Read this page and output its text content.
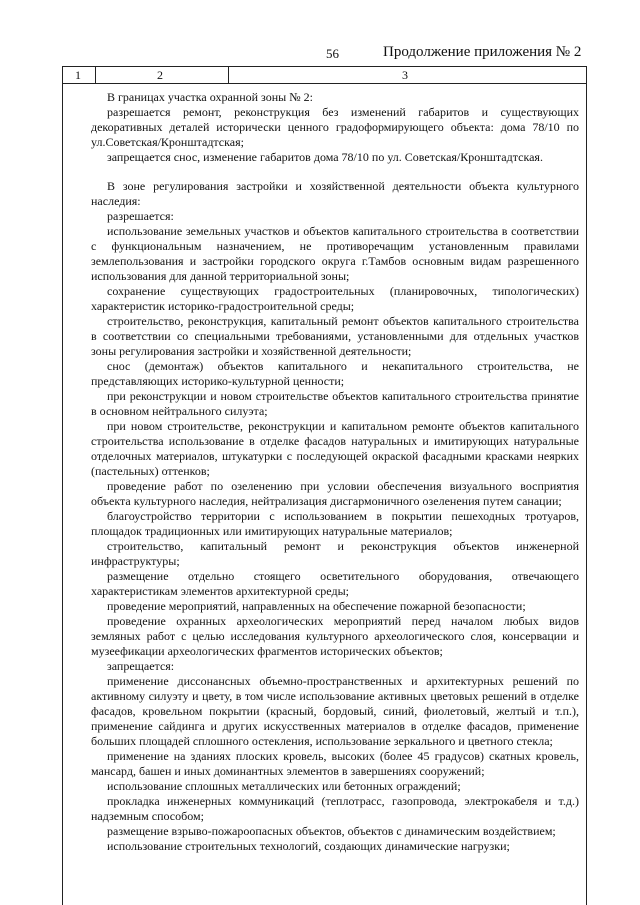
56	Продолжение приложения № 2
1	2	3

В границах участка охранной зоны № 2:

разрешается ремонт, реконструкция без изменений габаритов и существующих декоративных деталей исторически ценного градоформирующего объекта: дома 78/10 по ул.Советская/Кронштадтская;

запрещается снос, изменение габаритов дома 78/10 по ул. Советская/Кронштадтская.

В зоне регулирования застройки и хозяйственной деятельности объекта культурного наследия:

разрешается:

использование земельных участков и объектов капитального строительства в соответствии с функциональным назначением, не противоречащим установленным правилами землепользования и застройки городского округа г.Тамбов основным видам разрешенного использования для данной территориальной зоны;

сохранение существующих градостроительных (планировочных, типологических) характеристик историко-градостроительной среды;

строительство, реконструкция, капитальный ремонт объектов капитального строительства в соответствии со специальными требованиями, установленными для отдельных участков зоны регулирования застройки и хозяйственной деятельности;

снос (демонтаж) объектов капитального и некапитального строительства, не представляющих историко-культурной ценности;

при реконструкции и новом строительстве объектов капитального строительства принятие в основном нейтрального силуэта;

при новом строительстве, реконструкции и капитальном ремонте объектов капитального строительства использование в отделке фасадов натуральных и имитирующих натуральные отделочных материалов, штукатурки с последующей окраской фасадными красками неярких (пастельных) оттенков;

проведение работ по озеленению при условии обеспечения визуального восприятия объекта культурного наследия, нейтрализация дисгармоничного озеленения путем санации;

благоустройство территории с использованием в покрытии пешеходных тротуаров, площадок традиционных или имитирующих натуральные материалов;

строительство, капитальный ремонт и реконструкция объектов инженерной инфраструктуры;

размещение отдельно стоящего осветительного оборудования, отвечающего характеристикам элементов архитектурной среды;

проведение мероприятий, направленных на обеспечение пожарной безопасности;

проведение охранных археологических мероприятий перед началом любых видов земляных работ с целью исследования культурного археологического слоя, консервации и музеефикации археологических фрагментов исторических объектов;

запрещается:

применение диссонансных объемно-пространственных и архитектурных решений по активному силуэту и цвету, в том числе использование активных цветовых решений в отделке фасадов, кровельном покрытии (красный, бордовый, синий, фиолетовый, желтый и т.п.), применение сайдинга и других искусственных материалов в отделке фасадов, применение больших площадей сплошного остекления, использование зеркального и цветного стекла;

применение на зданиях плоских кровель, высоких (более 45 градусов) скатных кровель, мансард, башен и иных доминантных элементов в завершениях сооружений;

использование сплошных металлических или бетонных ограждений;

прокладка инженерных коммуникаций (теплотрасс, газопровода, электрокабеля и т.д.) надземным способом;

размещение взрыво-пожароопасных объектов, объектов с динамическим воздействием;

использование строительных технологий, создающих динамические нагрузки;
